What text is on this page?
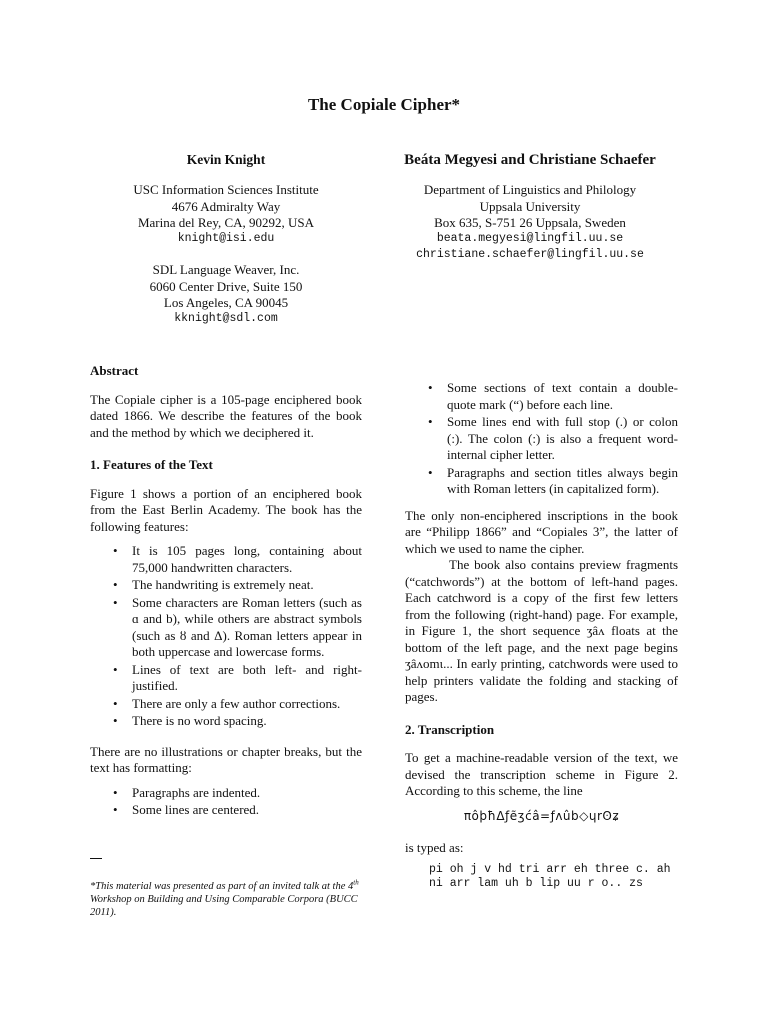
The Copiale Cipher*
Kevin Knight
USC Information Sciences Institute
4676 Admiralty Way
Marina del Rey, CA, 90292, USA
knight@isi.edu
SDL Language Weaver, Inc.
6060 Center Drive, Suite 150
Los Angeles, CA 90045
kknight@sdl.com
Beáta Megyesi and Christiane Schaefer
Department of Linguistics and Philology
Uppsala University
Box 635, S-751 26 Uppsala, Sweden
beata.megyesi@lingfil.uu.se
christiane.schaefer@lingfil.uu.se
Abstract

The Copiale cipher is a 105-page enciphered book dated 1866. We describe the features of the book and the method by which we deciphered it.

1. Features of the Text

Figure 1 shows a portion of an enciphered book from the East Berlin Academy. The book has the following features:

• It is 105 pages long, containing about 75,000 handwritten characters.
• The handwriting is extremely neat.
• Some characters are Roman letters (such as ɑ and b), while others are abstract symbols (such as ȣ and Δ). Roman letters appear in both uppercase and lowercase forms.
• Lines of text are both left- and right-justified.
• There are only a few author corrections.
• There is no word spacing.

There are no illustrations or chapter breaks, but the text has formatting:

• Paragraphs are indented.
• Some lines are centered.
*This material was presented as part of an invited talk at the 4th Workshop on Building and Using Comparable Corpora (BUCC 2011).
• Some sections of text contain a double-quote mark (“) before each line.
• Some lines end with full stop (.) or colon (:). The colon (:) is also a frequent word-internal cipher letter.
• Paragraphs and section titles always begin with Roman letters (in capitalized form).

The only non-enciphered inscriptions in the book are “Philipp 1866” and “Copiales 3”, the latter of which we used to name the cipher.

The book also contains preview fragments (“catchwords”) at the bottom of left-hand pages. Each catchword is a copy of the first few letters from the following (right-hand) page. For example, in Figure 1, the short sequence ʒâʌ floats at the bottom of the left page, and the next page begins ʒâʌomɩ... In early printing, catchwords were used to help printers validate the folding and stacking of pages.

2. Transcription

To get a machine-readable version of the text, we devised the transcription scheme in Figure 2. According to this scheme, the line

πôþħΔƒẽʒćâ=ƒʌûb◇ɥrʘʑ
is typed as:
pi oh j v hd tri arr eh three c. ah
ni arr lam uh b lip uu r o.. zs
